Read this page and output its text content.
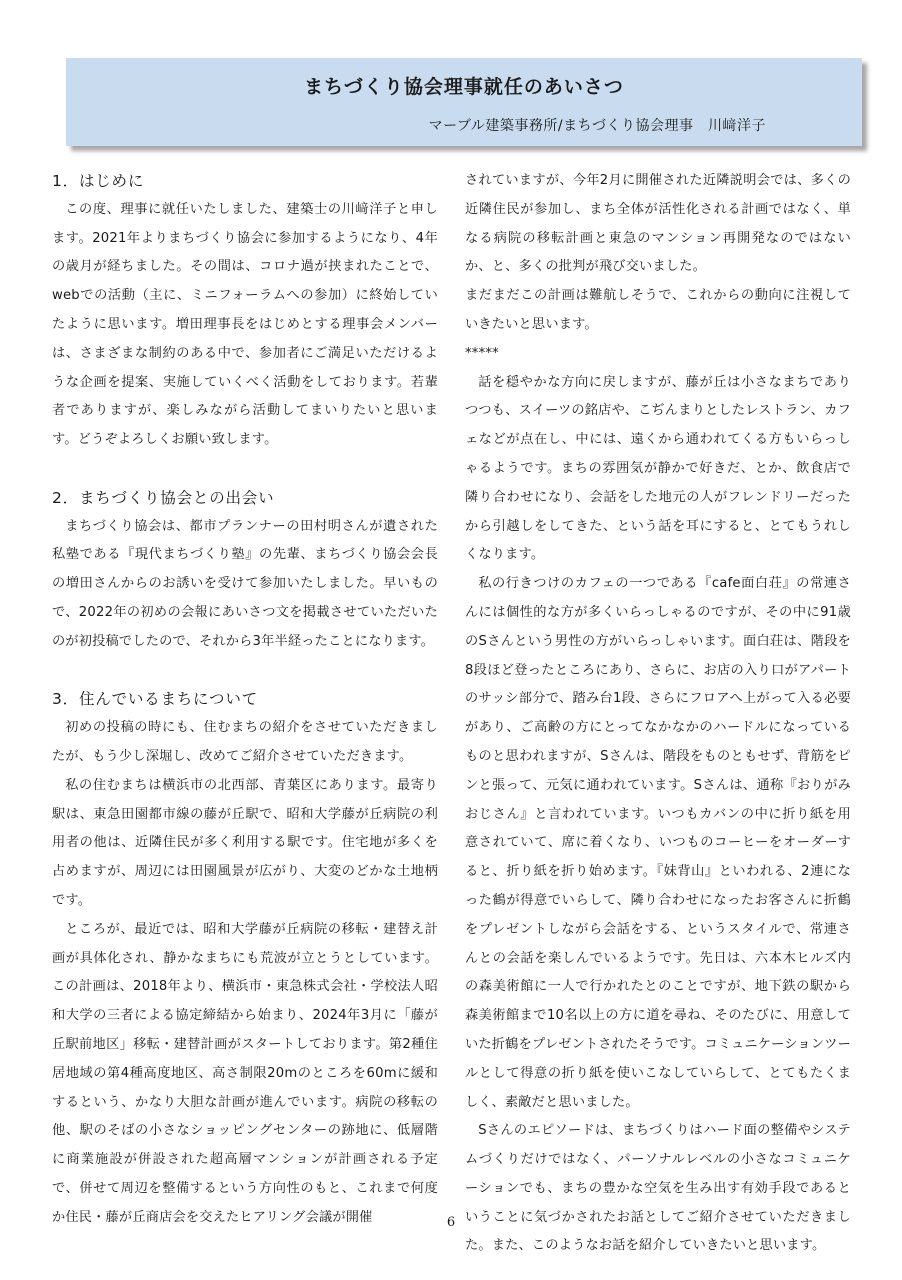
まちづくり協会理事就任のあいさつ
マーブル建築事務所/まちづくり協会理事　川﨑洋子

1．はじめに

この度、理事に就任いたしました、建築士の川﨑洋子と申します。2021年よりまちづくり協会に参加するようになり、4年の歳月が経ちました。その間は、コロナ過が挟まれたことで、webでの活動（主に、ミニフォーラムへの参加）に終始していたように思います。増田理事長をはじめとする理事会メンバーは、さまざまな制約のある中で、参加者にご満足いただけるような企画を提案、実施していくべく活動をしております。若輩者でありますが、楽しみながら活動してまいりたいと思います。どうぞよろしくお願い致します。

2．まちづくり協会との出会い

まちづくり協会は、都市プランナーの田村明さんが遺された私塾である『現代まちづくり塾』の先輩、まちづくり協会会長の増田さんからのお誘いを受けて参加いたしました。早いもので、2022年の初めの会報にあいさつ文を掲載させていただいたのが初投稿でしたので、それから3年半経ったことになります。

3．住んでいるまちについて

初めの投稿の時にも、住むまちの紹介をさせていただきましたが、もう少し深堀し、改めてご紹介させていただきます。

私の住むまちは横浜市の北西部、青葉区にあります。最寄り駅は、東急田園都市線の藤が丘駅で、昭和大学藤が丘病院の利用者の他は、近隣住民が多く利用する駅です。住宅地が多くを占めますが、周辺には田園風景が広がり、大変のどかな土地柄です。

ところが、最近では、昭和大学藤が丘病院の移転・建替え計画が具体化され、静かなまちにも荒波が立とうとしています。この計画は、2018年より、横浜市・東急株式会社・学校法人昭和大学の三者による協定締結から始まり、2024年3月に「藤が丘駅前地区」移転・建替計画がスタートしております。第2種住居地域の第4種高度地区、高さ制限20mのところを60mに緩和するという、かなり大胆な計画が進んでいます。病院の移転の他、駅のそばの小さなショッピングセンターの跡地に、低層階に商業施設が併設された超高層マンションが計画される予定で、併せて周辺を整備するという方向性のもと、これまで何度か住民・藤が丘商店会を交えたヒアリング会議が開催

されていますが、今年2月に開催された近隣説明会では、多くの近隣住民が参加し、まち全体が活性化される計画ではなく、単なる病院の移転計画と東急のマンション再開発なのではないか、と、多くの批判が飛び交いました。

まだまだこの計画は難航しそうで、これからの動向に注視していきたいと思います。

*****

話を穏やかな方向に戻しますが、藤が丘は小さなまちでありつつも、スイーツの銘店や、こぢんまりとしたレストラン、カフェなどが点在し、中には、遠くから通われてくる方もいらっしゃるようです。まちの雰囲気が静かで好きだ、とか、飲食店で隣り合わせになり、会話をした地元の人がフレンドリーだったから引越しをしてきた、という話を耳にすると、とてもうれしくなります。

私の行きつけのカフェの一つである『cafe面白荘』の常連さんには個性的な方が多くいらっしゃるのですが、その中に91歳のSさんという男性の方がいらっしゃいます。面白荘は、階段を8段ほど登ったところにあり、さらに、お店の入り口がアパートのサッシ部分で、踏み台1段、さらにフロアへ上がって入る必要があり、ご高齢の方にとってなかなかのハードルになっているものと思われますが、Sさんは、階段をものともせず、背筋をピンと張って、元気に通われています。Sさんは、通称『おりがみおじさん』と言われています。いつもカバンの中に折り紙を用意されていて、席に着くなり、いつものコーヒーをオーダーすると、折り紙を折り始めます。『妹背山』といわれる、2連になった鶴が得意でいらして、隣り合わせになったお客さんに折鶴をプレゼントしながら会話をする、というスタイルで、常連さんとの会話を楽しんでいるようです。先日は、六本木ヒルズ内の森美術館に一人で行かれたとのことですが、地下鉄の駅から森美術館まで10名以上の方に道を尋ね、そのたびに、用意していた折鶴をプレゼントされたそうです。コミュニケーションツールとして得意の折り紙を使いこなしていらして、とてもたくましく、素敵だと思いました。

Sさんのエピソードは、まちづくりはハード面の整備やシステムづくりだけではなく、パーソナルレベルの小さなコミュニケーションでも、まちの豊かな空気を生み出す有効手段であるということに気づかされたお話としてご紹介させていただきました。また、このようなお話を紹介していきたいと思います。

6
